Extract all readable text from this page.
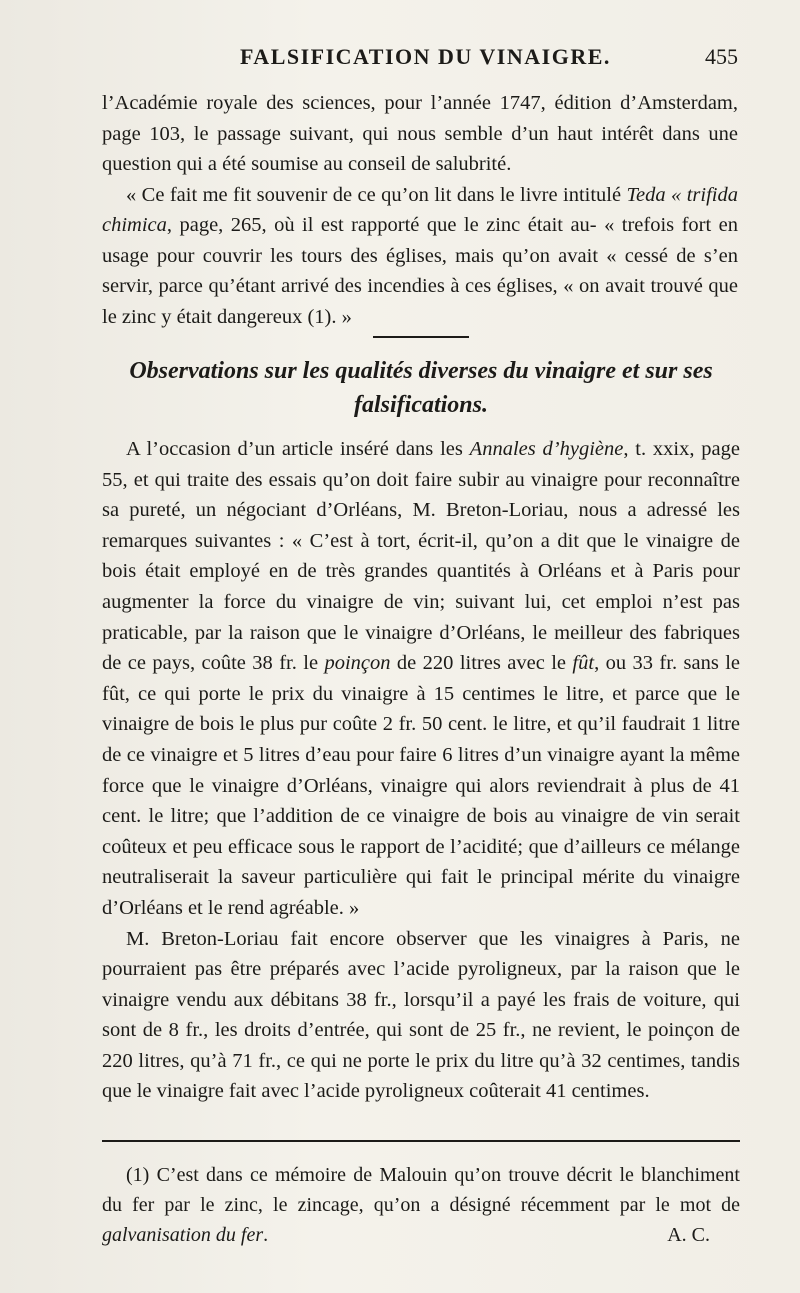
FALSIFICATION DU VINAIGRE.	455

l’Académie royale des sciences, pour l’année 1747, édition d’Amsterdam, page 103, le passage suivant, qui nous semble d’un haut intérêt dans une question qui a été soumise au conseil de salubrité.

« Ce fait me fit souvenir de ce qu’on lit dans le livre intitulé Teda « trifida chimica, page, 265, où il est rapporté que le zinc était au- « trefois fort en usage pour couvrir les tours des églises, mais qu’on avait « cessé de s’en servir, parce qu’étant arrivé des incendies à ces églises, « on avait trouvé que le zinc y était dangereux (1). »

Observations sur les qualités diverses du vinaigre et sur ses
falsifications.

A l’occasion d’un article inséré dans les Annales d’hygiène, t. xxix, page 55, et qui traite des essais qu’on doit faire subir au vinaigre pour reconnaître sa pureté, un négociant d’Orléans, M. Breton-Loriau, nous a adressé les remarques suivantes : « C’est à tort, écrit-il, qu’on a dit que le vinaigre de bois était employé en de très grandes quantités à Orléans et à Paris pour augmenter la force du vinaigre de vin; suivant lui, cet emploi n’est pas praticable, par la raison que le vinaigre d’Orléans, le meilleur des fabriques de ce pays, coûte 38 fr. le poinçon de 220 litres avec le fût, ou 33 fr. sans le fût, ce qui porte le prix du vinaigre à 15 centimes le litre, et parce que le vinaigre de bois le plus pur coûte 2 fr. 50 cent. le litre, et qu’il faudrait 1 litre de ce vinaigre et 5 litres d’eau pour faire 6 litres d’un vinaigre ayant la même force que le vinaigre d’Orléans, vinaigre qui alors reviendrait à plus de 41 cent. le litre; que l’addition de ce vinaigre de bois au vinaigre de vin serait coûteux et peu efficace sous le rapport de l’acidité; que d’ailleurs ce mélange neutraliserait la saveur particulière qui fait le principal mérite du vinaigre d’Orléans et le rend agréable. »

M. Breton-Loriau fait encore observer que les vinaigres à Paris, ne pourraient pas être préparés avec l’acide pyroligneux, par la raison que le vinaigre vendu aux débitans 38 fr., lorsqu’il a payé les frais de voiture, qui sont de 8 fr., les droits d’entrée, qui sont de 25 fr., ne revient, le poinçon de 220 litres, qu’à 71 fr., ce qui ne porte le prix du litre qu’à 32 centimes, tandis que le vinaigre fait avec l’acide pyroligneux coûterait 41 centimes.

(1) C’est dans ce mémoire de Malouin qu’on trouve décrit le blanchiment du fer par le zinc, le zincage, qu’on a désigné récemment par le mot de galvanisation du fer.	A. C.
